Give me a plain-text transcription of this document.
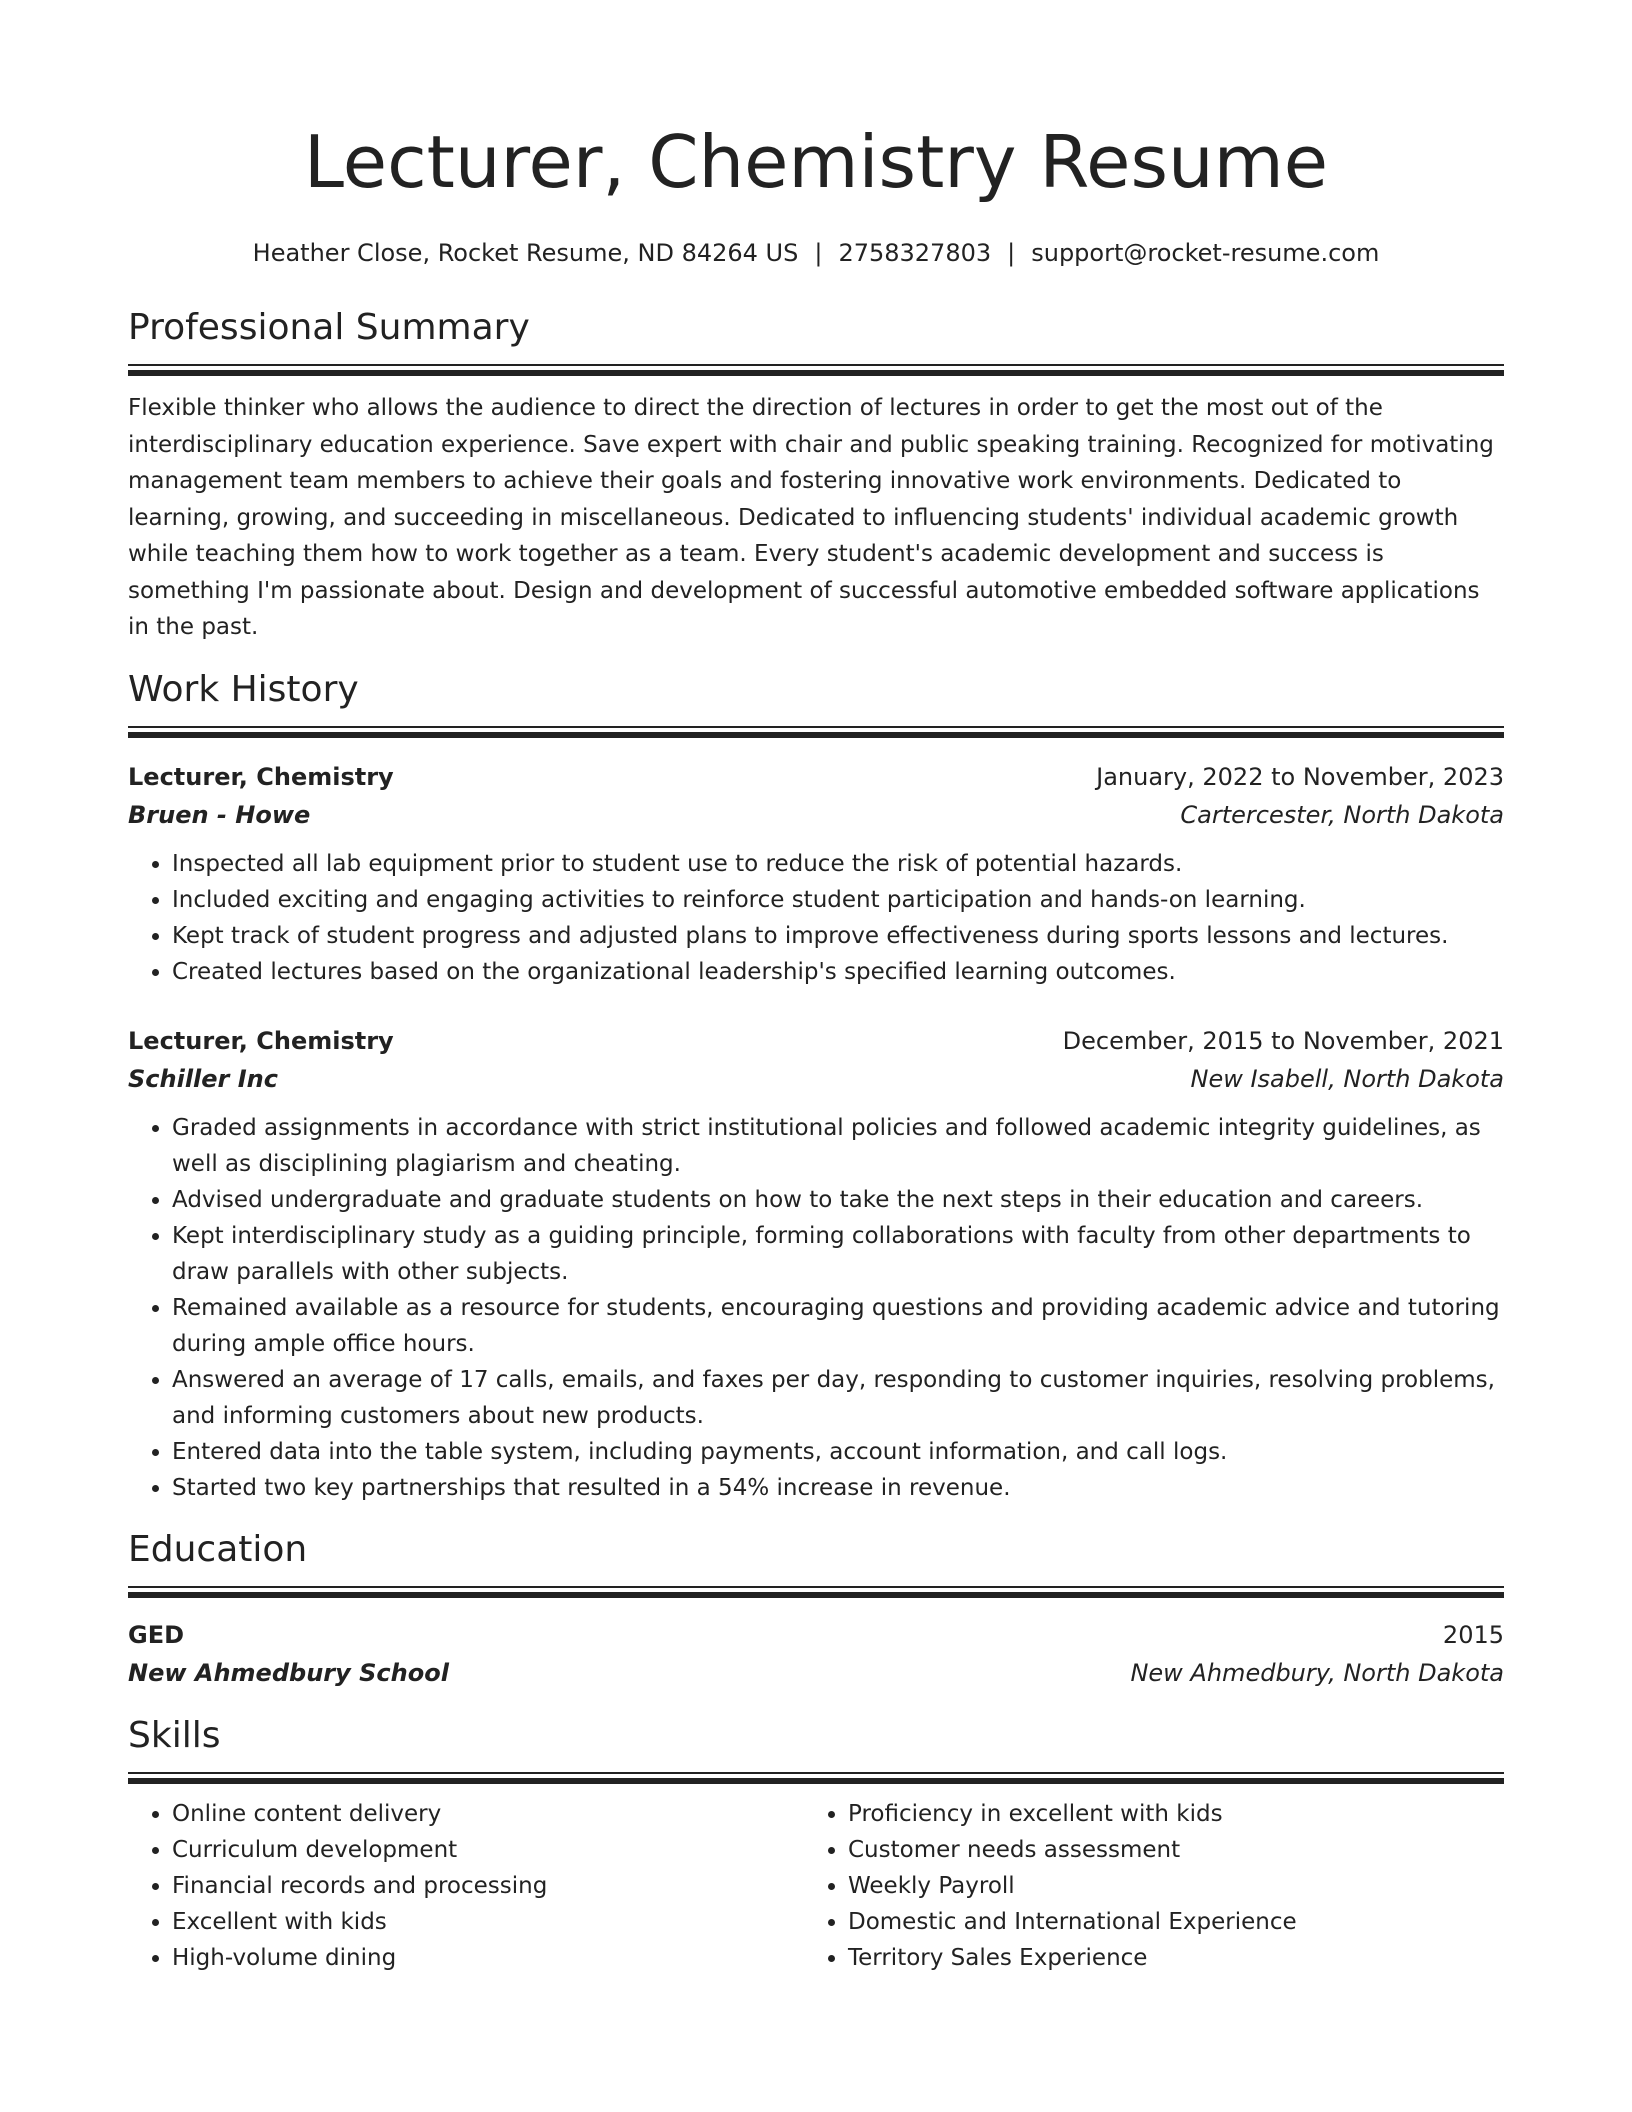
Lecturer, Chemistry Resume
Heather Close, Rocket Resume, ND 84264 US | 2758327803 | support@rocket-resume.com
Professional Summary

Flexible thinker who allows the audience to direct the direction of lectures in order to get the most out of the interdisciplinary education experience. Save expert with chair and public speaking training. Recognized for motivating management team members to achieve their goals and fostering innovative work environments. Dedicated to learning, growing, and succeeding in miscellaneous. Dedicated to influencing students' individual academic growth while teaching them how to work together as a team. Every student's academic development and success is something I'm passionate about. Design and development of successful automotive embedded software applications in the past.

Work History
Lecturer, Chemistry	January, 2022 to November, 2023
Bruen - Howe	Cartercester, North Dakota
• Inspected all lab equipment prior to student use to reduce the risk of potential hazards.
• Included exciting and engaging activities to reinforce student participation and hands-on learning.
• Kept track of student progress and adjusted plans to improve effectiveness during sports lessons and lectures.
• Created lectures based on the organizational leadership's specified learning outcomes.
Lecturer, Chemistry	December, 2015 to November, 2021
Schiller Inc	New Isabell, North Dakota
• Graded assignments in accordance with strict institutional policies and followed academic integrity guidelines, as well as disciplining plagiarism and cheating.
• Advised undergraduate and graduate students on how to take the next steps in their education and careers.
• Kept interdisciplinary study as a guiding principle, forming collaborations with faculty from other departments to draw parallels with other subjects.
• Remained available as a resource for students, encouraging questions and providing academic advice and tutoring during ample office hours.
• Answered an average of 17 calls, emails, and faxes per day, responding to customer inquiries, resolving problems, and informing customers about new products.
• Entered data into the table system, including payments, account information, and call logs.
• Started two key partnerships that resulted in a 54% increase in revenue.
Education
GED	2015
New Ahmedbury School	New Ahmedbury, North Dakota
Skills
• Online content delivery
• Curriculum development
• Financial records and processing
• Excellent with kids
• High-volume dining
• Proficiency in excellent with kids
• Customer needs assessment
• Weekly Payroll
• Domestic and International Experience
• Territory Sales Experience
